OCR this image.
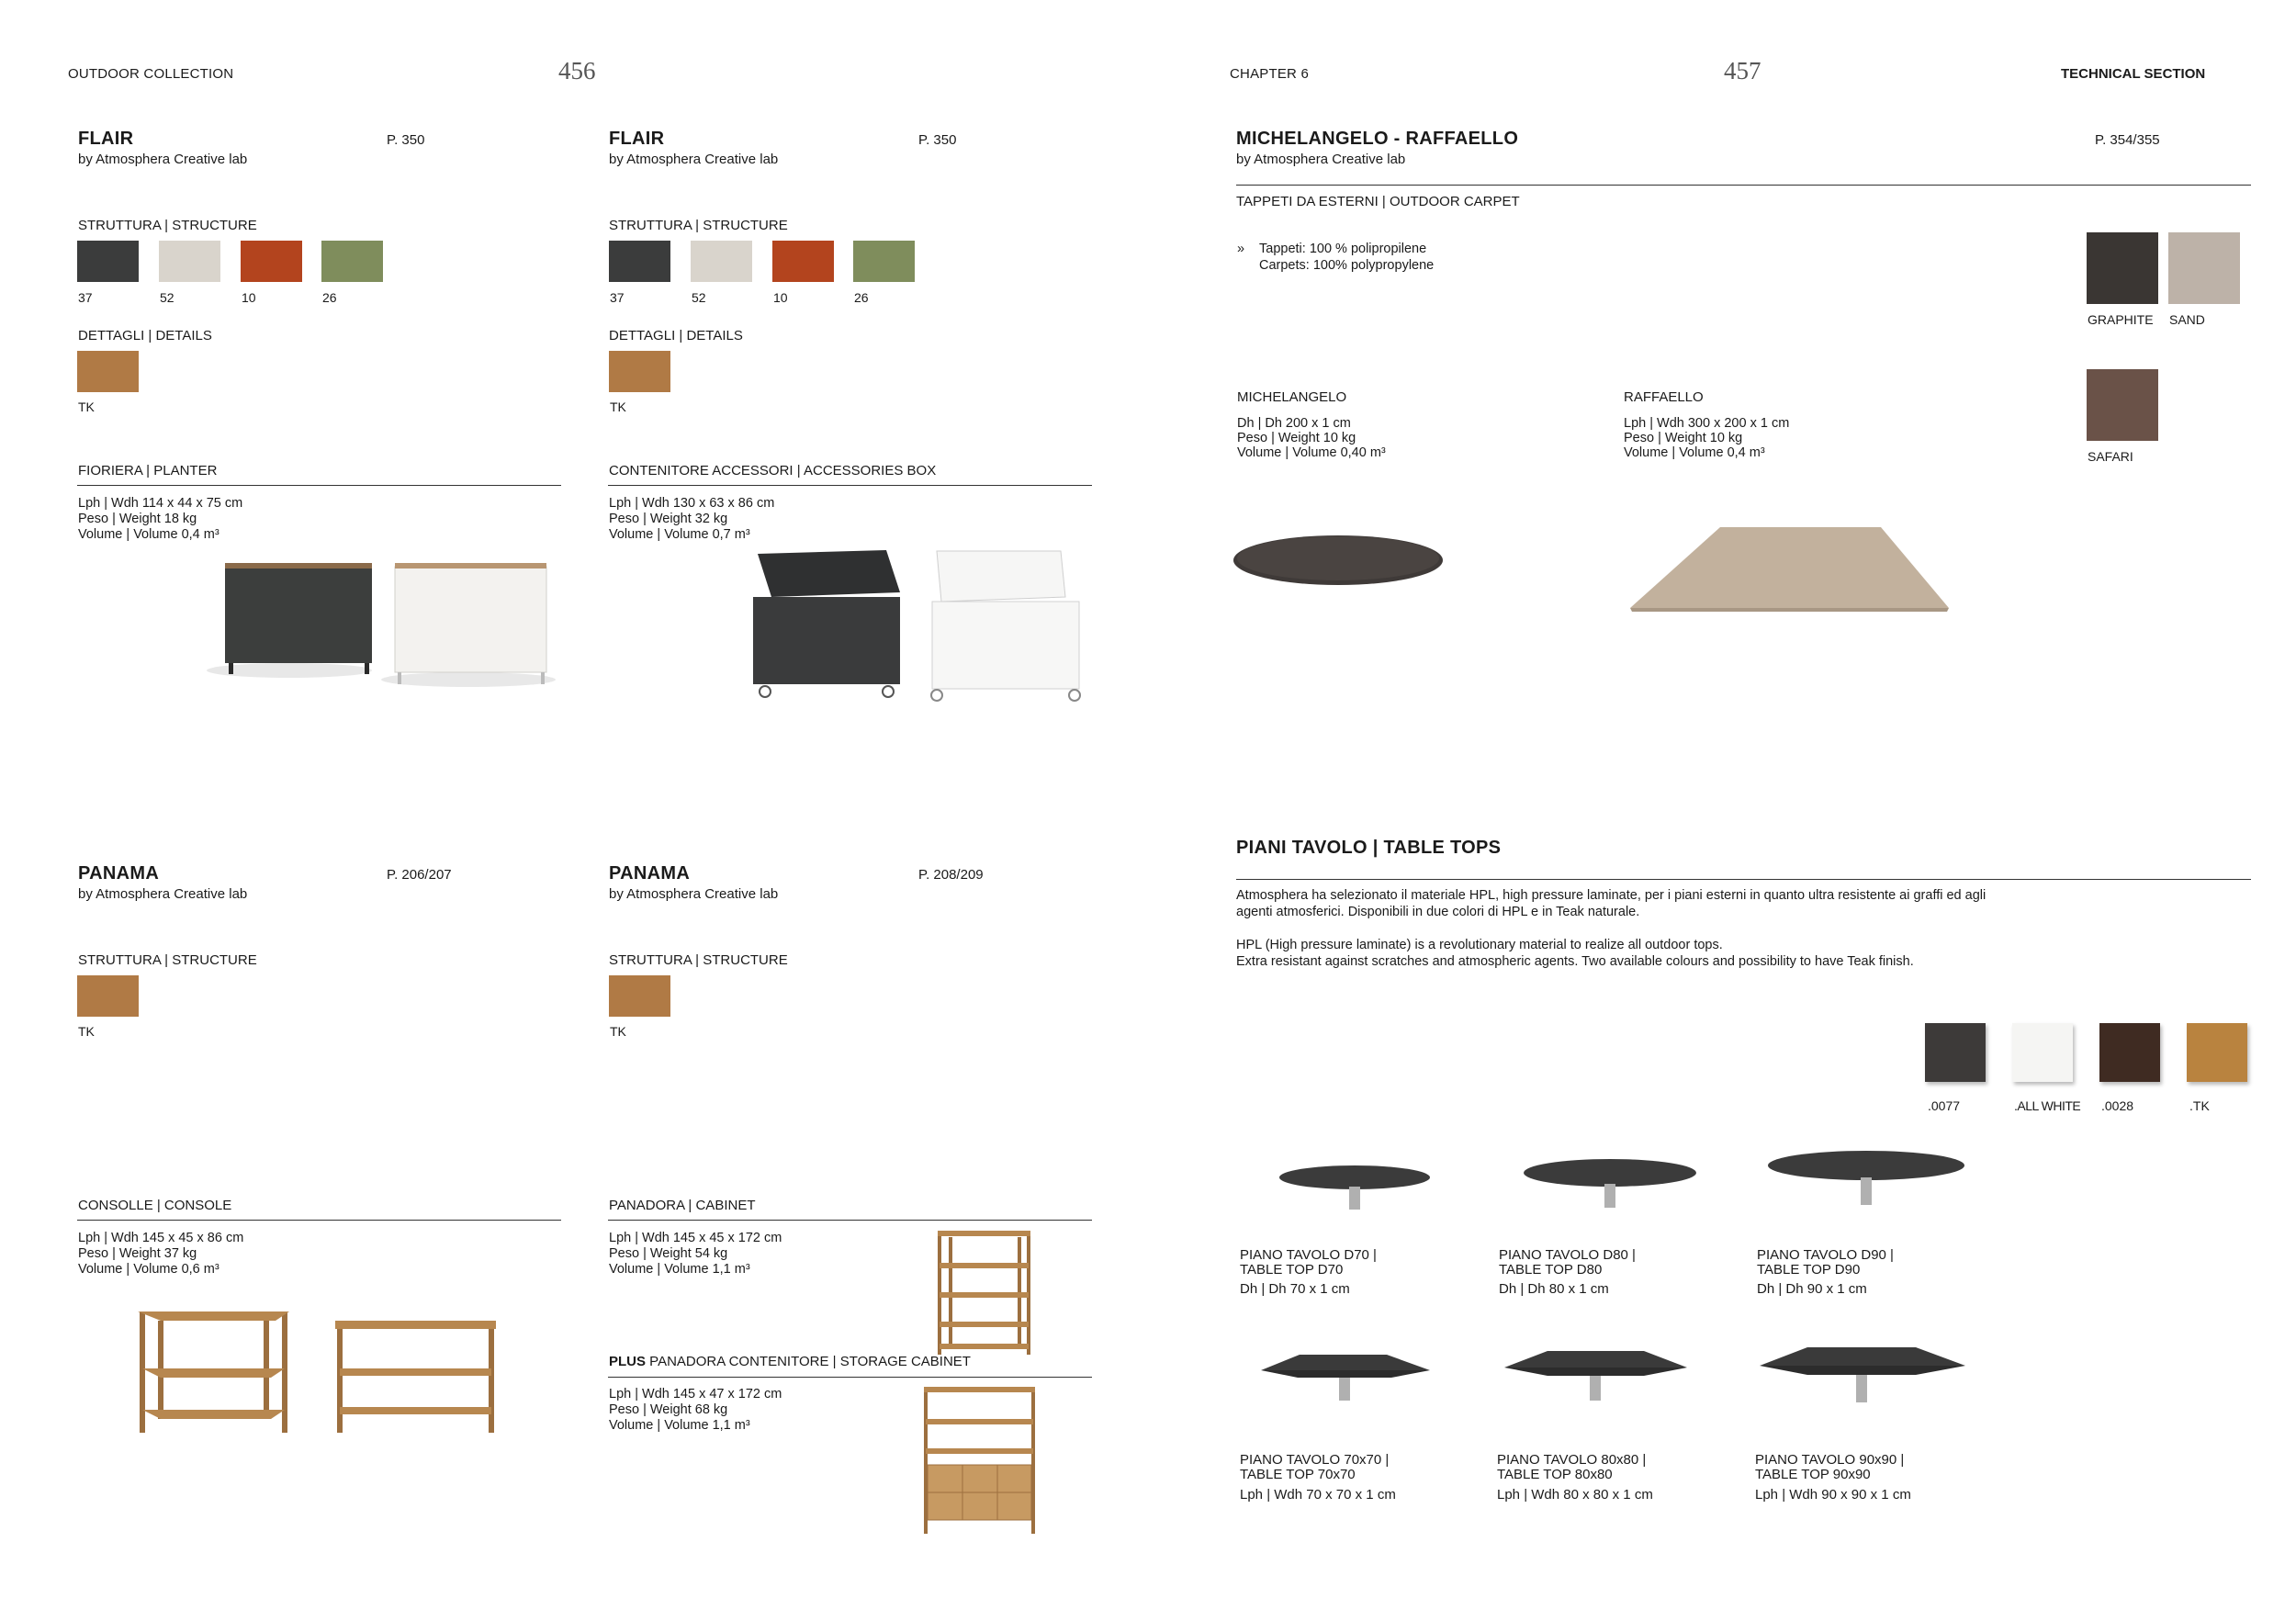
OUTDOOR COLLECTION	456	CHAPTER 6	457	TECHNICAL SECTION
FLAIR
by Atmosphera Creative lab
P. 350
STRUTTURA | STRUCTURE
37	52	10	26
DETTAGLI | DETAILS
TK
FIORIERA | PLANTER
Lph | Wdh 114 x 44 x 75 cm
Peso | Weight 18 kg
Volume | Volume 0,4 m³
FLAIR
by Atmosphera Creative lab
P. 350
STRUTTURA | STRUCTURE
37	52	10	26
DETTAGLI | DETAILS
TK
CONTENITORE ACCESSORI | ACCESSORIES BOX
Lph | Wdh 130 x 63 x 86 cm
Peso | Weight 32 kg
Volume | Volume 0,7 m³
PANAMA
by Atmosphera Creative lab
P. 206/207
STRUTTURA | STRUCTURE
TK
CONSOLLE | CONSOLE
Lph | Wdh 145 x 45 x 86 cm
Peso | Weight 37 kg
Volume | Volume 0,6 m³
PANAMA
by Atmosphera Creative lab
P. 208/209
STRUTTURA | STRUCTURE
TK
PANADORA | CABINET
Lph | Wdh 145 x 45 x 172 cm
Peso | Weight 54 kg
Volume | Volume 1,1 m³
PLUS PANADORA CONTENITORE | STORAGE CABINET
Lph | Wdh 145 x 47 x 172 cm
Peso | Weight 68 kg
Volume | Volume 1,1 m³
MICHELANGELO - RAFFAELLO
by Atmosphera Creative lab
P. 354/355
TAPPETI DA ESTERNI | OUTDOOR CARPET
» Tappeti: 100 % polipropilene
Carpets: 100% polypropylene
GRAPHITE SAND
SAFARI
MICHELANGELO
Dh | Dh 200 x 1 cm
Peso | Weight 10 kg
Volume | Volume 0,40 m³
RAFFAELLO
Lph | Wdh 300 x 200 x 1 cm
Peso | Weight 10 kg
Volume | Volume 0,4 m³
PIANI TAVOLO | TABLE TOPS
Atmosphera ha selezionato il materiale HPL, high pressure laminate, per i piani esterni in quanto ultra resistente ai graffi ed agli
agenti atmosferici. Disponibili in due colori di HPL e in Teak naturale.
HPL (High pressure laminate) is a revolutionary material to realize all outdoor tops.
Extra resistant against scratches and atmospheric agents. Two available colours and possibility to have Teak finish.
.0077	.ALL WHITE .0028	.TK
PIANO TAVOLO D70 |
TABLE TOP D70
Dh | Dh 70 x 1 cm
PIANO TAVOLO D80 |
TABLE TOP D80
Dh | Dh 80 x 1 cm
PIANO TAVOLO D90 |
TABLE TOP D90
Dh | Dh 90 x 1 cm
PIANO TAVOLO 70x70 |
TABLE TOP 70x70
Lph | Wdh 70 x 70 x 1 cm
PIANO TAVOLO 80x80 |
TABLE TOP 80x80
Lph | Wdh 80 x 80 x 1 cm
PIANO TAVOLO 90x90 |
TABLE TOP 90x90
Lph | Wdh 90 x 90 x 1 cm
